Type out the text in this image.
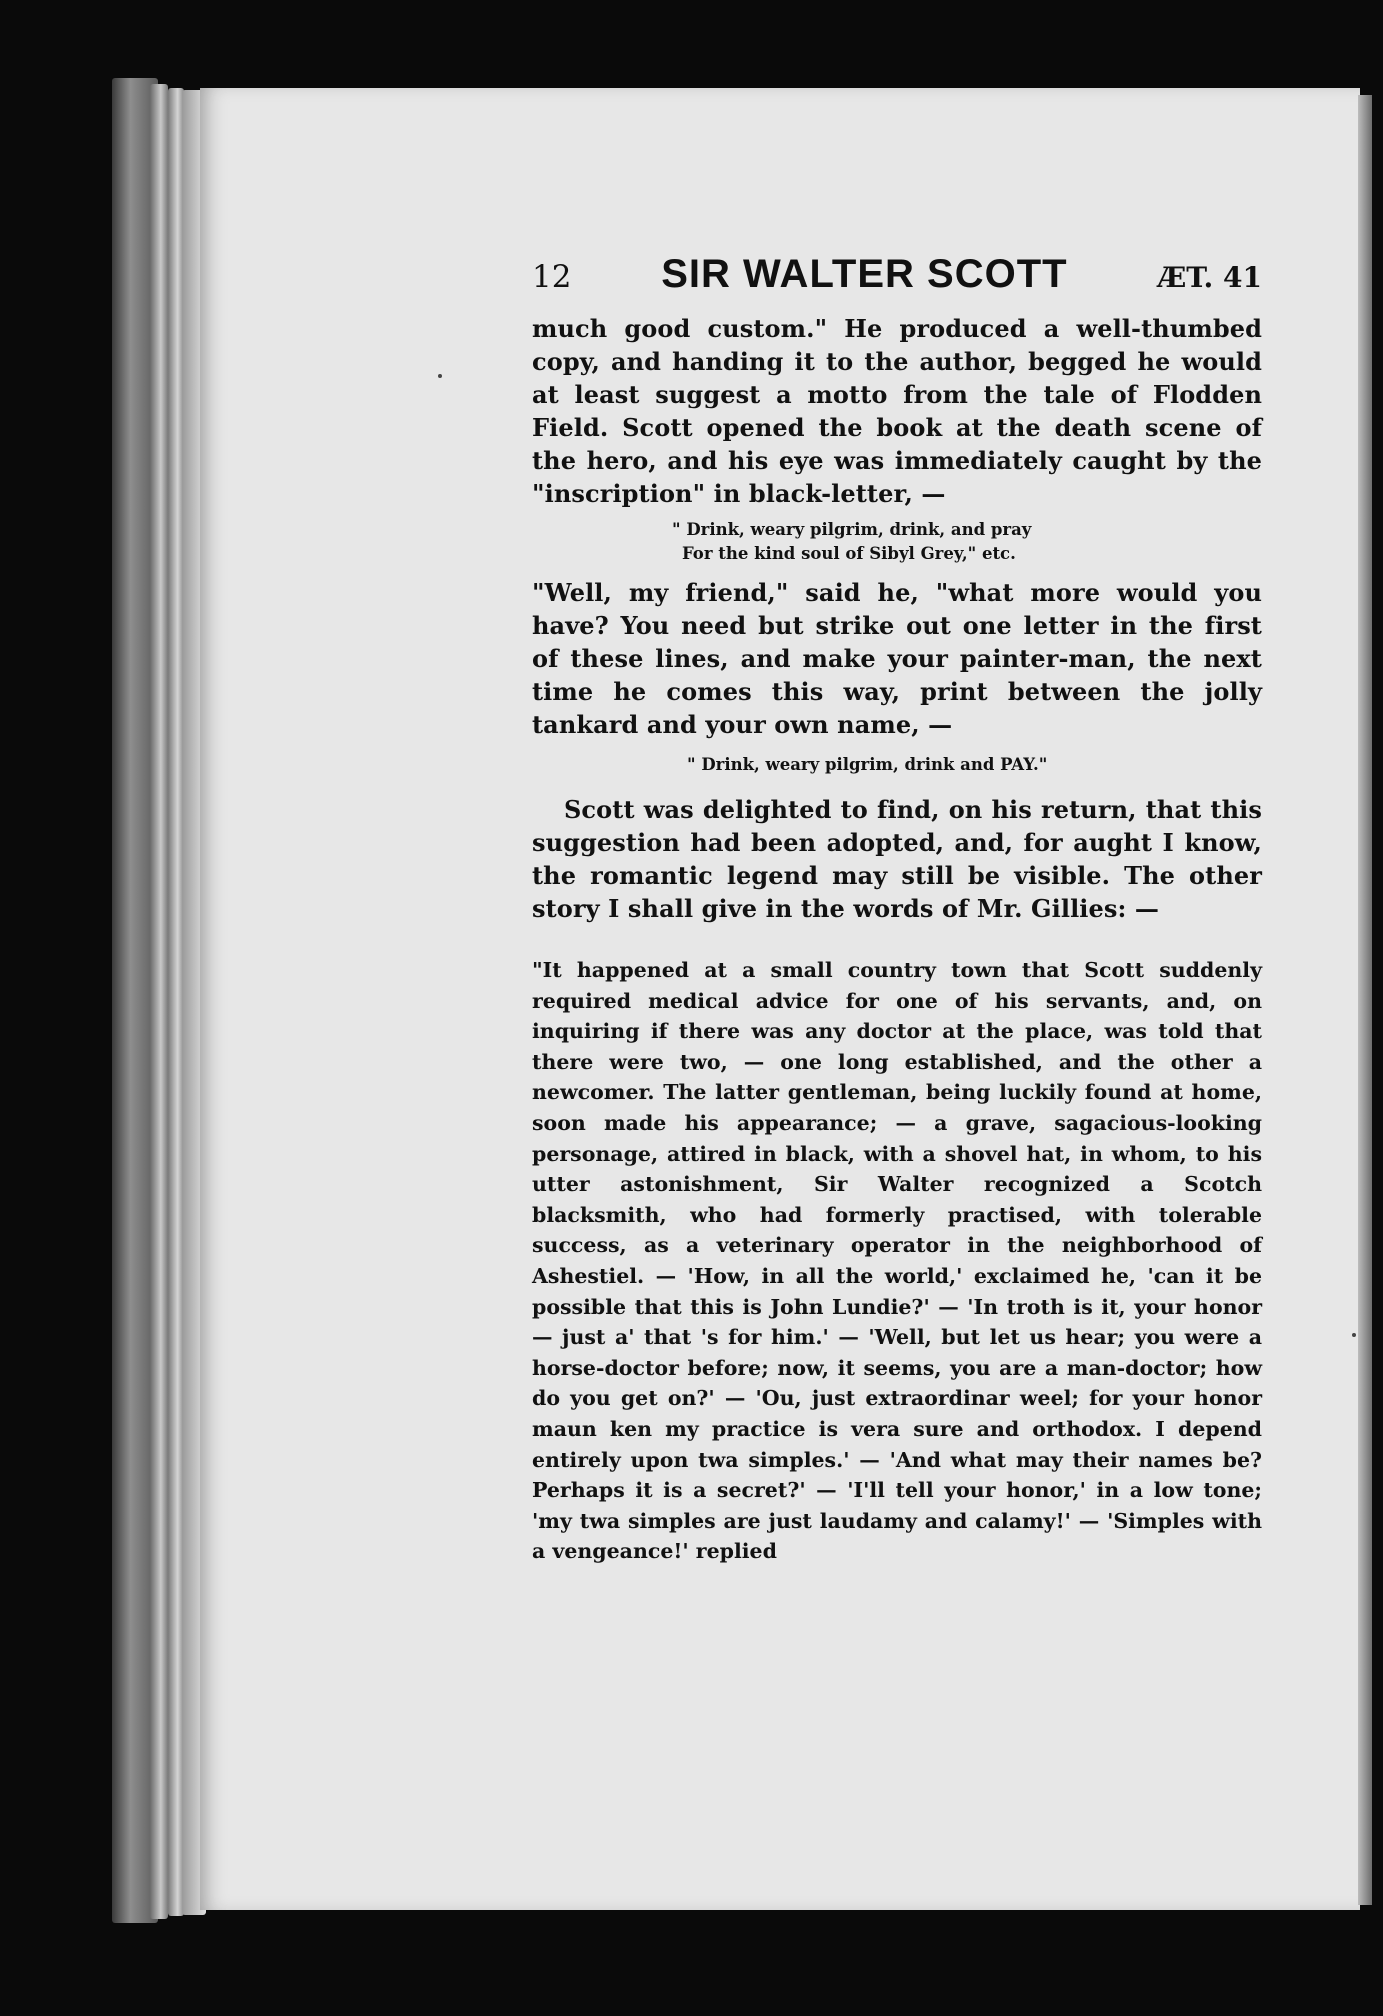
12 SIR WALTER SCOTT	ÆT. 41

much good custom." He produced a well-thumbed copy, and handing it to the author, begged he would at least suggest a motto from the tale of Flodden Field. Scott opened the book at the death scene of the hero, and his eye was immediately caught by the "inscription" in black-letter, —

" Drink, weary pilgrim, drink, and pray
For the kind soul of Sibyl Grey," etc.

"Well, my friend," said he, "what more would you have? You need but strike out one letter in the first of these lines, and make your painter-man, the next time he comes this way, print between the jolly tankard and your own name, —

" Drink, weary pilgrim, drink and PAY."

Scott was delighted to find, on his return, that this suggestion had been adopted, and, for aught I know, the romantic legend may still be visible. The other story I shall give in the words of Mr. Gillies: —

"It happened at a small country town that Scott suddenly required medical advice for one of his servants, and, on inquiring if there was any doctor at the place, was told that there were two, — one long established, and the other a newcomer. The latter gentleman, being luckily found at home, soon made his appearance; — a grave, sagacious-looking personage, attired in black, with a shovel hat, in whom, to his utter astonishment, Sir Walter recognized a Scotch blacksmith, who had formerly practised, with tolerable success, as a veterinary operator in the neighborhood of Ashestiel. — 'How, in all the world,' exclaimed he, 'can it be possible that this is John Lundie?' — 'In troth is it, your honor — just a' that 's for him.' — 'Well, but let us hear; you were a horse-doctor before; now, it seems, you are a man-doctor; how do you get on?' — 'Ou, just extraordinar weel; for your honor maun ken my practice is vera sure and orthodox. I depend entirely upon twa simples.' — 'And what may their names be? Perhaps it is a secret?' — 'I'll tell your honor,' in a low tone; 'my twa simples are just laudamy and calamy!' — 'Simples with a vengeance!' replied
